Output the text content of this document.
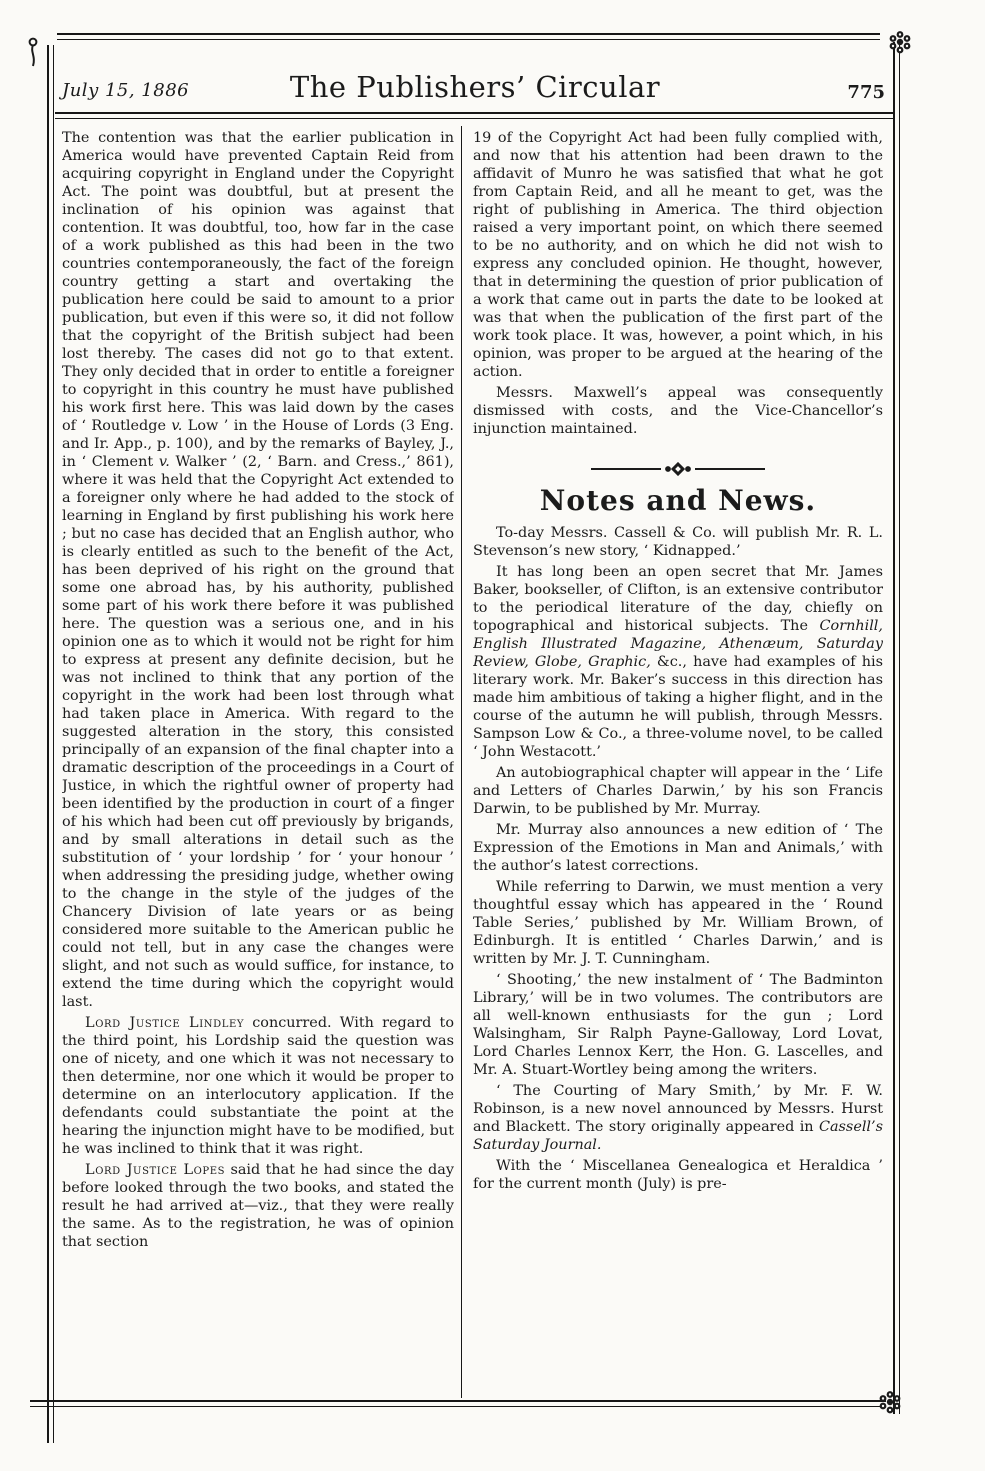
July 15, 1886	The Publishers’ Circular	775

The contention was that the earlier publication in America would have prevented Captain Reid from acquiring copyright in England under the Copyright Act. The point was doubtful, but at present the inclination of his opinion was against that contention. It was doubtful, too, how far in the case of a work published as this had been in the two countries contemporaneously, the fact of the foreign country getting a start and overtaking the publication here could be said to amount to a prior publication, but even if this were so, it did not follow that the copyright of the British subject had been lost thereby. The cases did not go to that extent. They only decided that in order to entitle a foreigner to copyright in this country he must have published his work first here. This was laid down by the cases of ‘ Routledge v. Low ’ in the House of Lords (3 Eng. and Ir. App., p. 100), and by the remarks of Bayley, J., in ‘ Clement v. Walker ’ (2, ‘ Barn. and Cress.,’ 861), where it was held that the Copyright Act extended to a foreigner only where he had added to the stock of learning in England by first publishing his work here ; but no case has decided that an English author, who is clearly entitled as such to the benefit of the Act, has been deprived of his right on the ground that some one abroad has, by his authority, published some part of his work there before it was published here. The question was a serious one, and in his opinion one as to which it would not be right for him to express at present any definite decision, but he was not inclined to think that any portion of the copyright in the work had been lost through what had taken place in America. With regard to the suggested alteration in the story, this consisted principally of an expansion of the final chapter into a dramatic description of the proceedings in a Court of Justice, in which the rightful owner of property had been identified by the production in court of a finger of his which had been cut off previously by brigands, and by small alterations in detail such as the substitution of ‘ your lordship ’ for ‘ your honour ’ when addressing the presiding judge, whether owing to the change in the style of the judges of the Chancery Division of late years or as being considered more suitable to the American public he could not tell, but in any case the changes were slight, and not such as would suffice, for instance, to extend the time during which the copyright would last.

Lord Justice Lindley concurred. With regard to the third point, his Lordship said the question was one of nicety, and one which it was not necessary to then determine, nor one which it would be proper to determine on an interlocutory application. If the defendants could substantiate the point at the hearing the injunction might have to be modified, but he was inclined to think that it was right.

Lord Justice Lopes said that he had since the day before looked through the two books, and stated the result he had arrived at—viz., that they were really the same. As to the registration, he was of opinion that section

19 of the Copyright Act had been fully complied with, and now that his attention had been drawn to the affidavit of Munro he was satisfied that what he got from Captain Reid, and all he meant to get, was the right of publishing in America. The third objection raised a very important point, on which there seemed to be no authority, and on which he did not wish to express any concluded opinion. He thought, however, that in determining the question of prior publication of a work that came out in parts the date to be looked at was that when the publication of the first part of the work took place. It was, however, a point which, in his opinion, was proper to be argued at the hearing of the action.

Messrs. Maxwell’s appeal was consequently dismissed with costs, and the Vice-Chancellor’s injunction maintained.

Notes and News.

To-day Messrs. Cassell & Co. will publish Mr. R. L. Stevenson’s new story, ‘ Kidnapped.’

It has long been an open secret that Mr. James Baker, bookseller, of Clifton, is an extensive contributor to the periodical literature of the day, chiefly on topographical and historical subjects. The Cornhill, English Illustrated Magazine, Athenæum, Saturday Review, Globe, Graphic, &c., have had examples of his literary work. Mr. Baker’s success in this direction has made him ambitious of taking a higher flight, and in the course of the autumn he will publish, through Messrs. Sampson Low & Co., a three-volume novel, to be called ‘ John Westacott.’

An autobiographical chapter will appear in the ‘ Life and Letters of Charles Darwin,’ by his son Francis Darwin, to be published by Mr. Murray.

Mr. Murray also announces a new edition of ‘ The Expression of the Emotions in Man and Animals,’ with the author’s latest corrections.

While referring to Darwin, we must mention a very thoughtful essay which has appeared in the ‘ Round Table Series,’ published by Mr. William Brown, of Edinburgh. It is entitled ‘ Charles Darwin,’ and is written by Mr. J. T. Cunningham.

‘ Shooting,’ the new instalment of ‘ The Badminton Library,’ will be in two volumes. The contributors are all well-known enthusiasts for the gun ; Lord Walsingham, Sir Ralph Payne-Galloway, Lord Lovat, Lord Charles Lennox Kerr, the Hon. G. Lascelles, and Mr. A. Stuart-Wortley being among the writers.

‘ The Courting of Mary Smith,’ by Mr. F. W. Robinson, is a new novel announced by Messrs. Hurst and Blackett. The story originally appeared in Cassell’s Saturday Journal.

With the ‘ Miscellanea Genealogica et Heraldica ’ for the current month (July) is pre-
